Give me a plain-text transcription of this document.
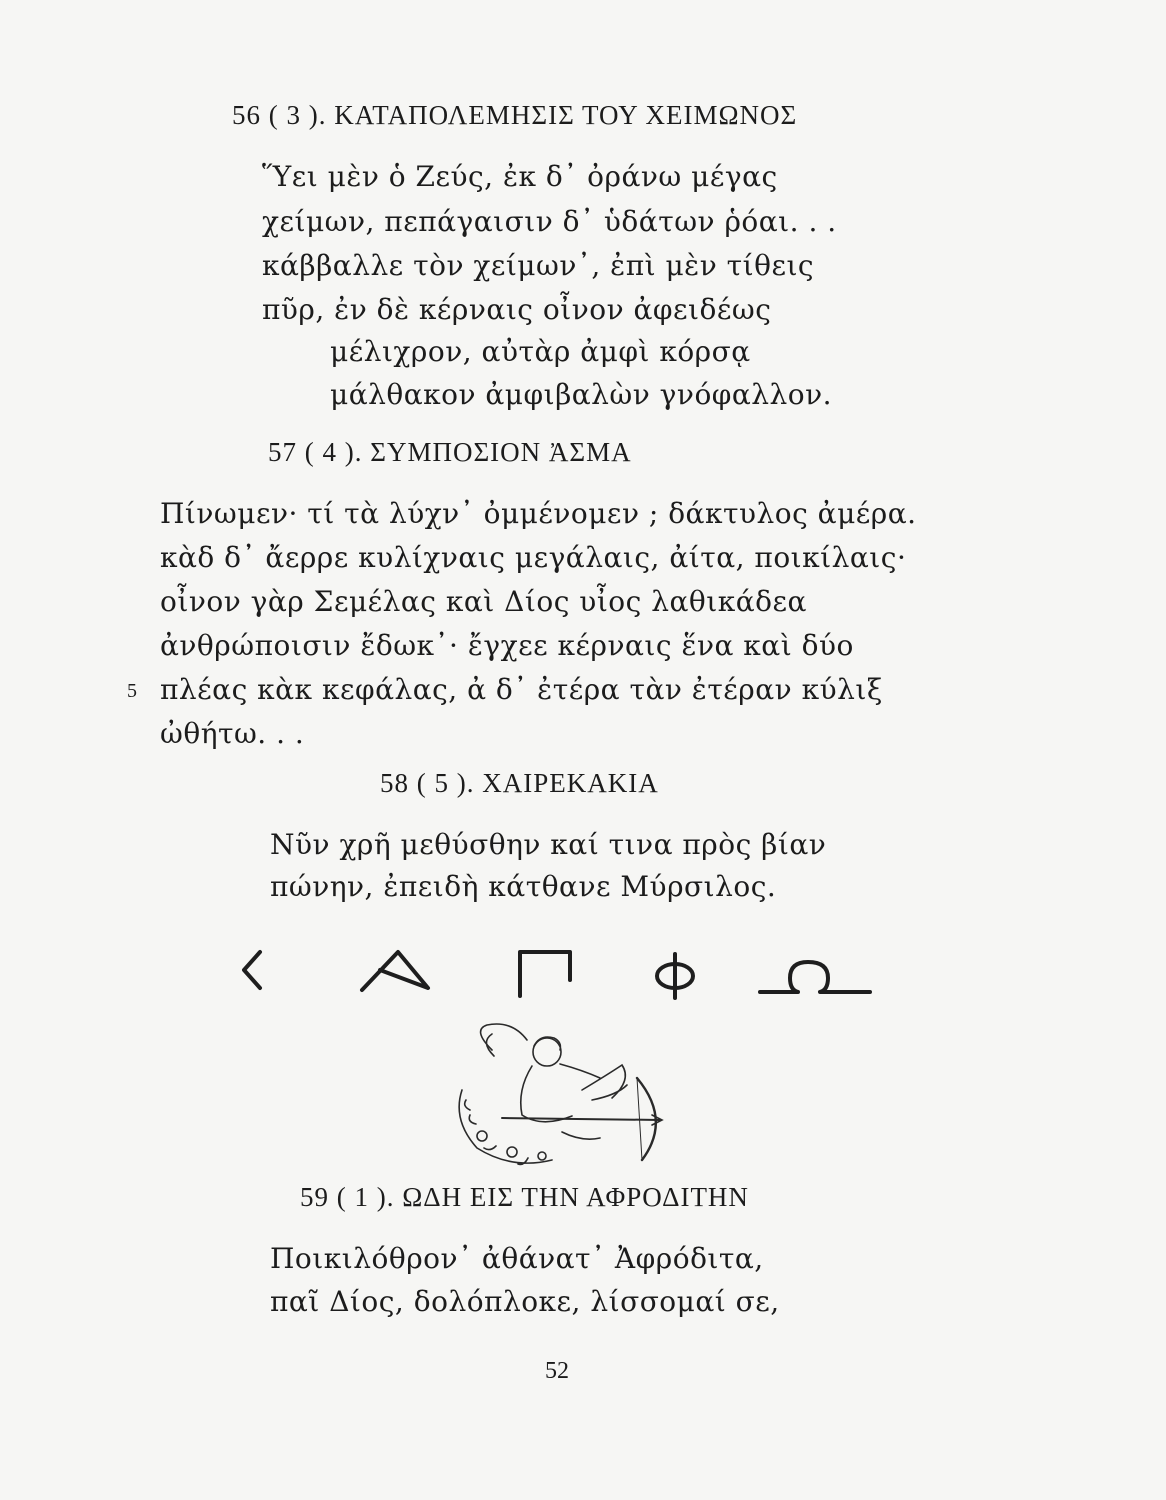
56 ( 3 ). ΚΑΤΑΠΟΛΕΜΗΣΙΣ ΤΟΥ ΧΕΙΜΩΝΟΣ
Ὕει μὲν ὁ Ζεύς, ἐκ δ᾽ ὀράνω μέγας
χείμων, πεπάγαισιν δ᾽ ὑδάτων ῥόαι. . .
κάββαλλε τὸν χείμων᾽, ἐπὶ μὲν τίθεις
πῦρ, ἐν δὲ κέρναις οἶνον ἀφειδέως
μέλιχρον, αὐτὰρ ἀμφὶ κόρσᾳ
μάλθακον ἀμφιβαλὼν γνόφαλλον.
57 ( 4 ). ΣΥΜΠΟΣΙΟΝ ἈΣΜΑ
Πίνωμεν· τί τὰ λύχν᾽ ὀμμένομεν ; δάκτυλος ἀμέρα.
κὰδ δ᾽ ἄερρε κυλίχναις μεγάλαις, ἀίτα, ποικίλαις·
οἶνον γὰρ Σεμέλας καὶ Δίος υἶος λαθικάδεα
ἀνθρώποισιν ἔδωκ᾽· ἔγχεε κέρναις ἕνα καὶ δύο
5 πλέας κὰκ κεφάλας, ἀ δ᾽ ἐτέρα τὰν ἐτέραν κύλιξ
ὠθήτω. . .
58 ( 5 ). ΧΑΙΡΕΚΑΚΙΑ
Νῦν χρῆ μεθύσθην καί τινα πρὸς βίαν
πώνην, ἐπειδὴ κάτθανε Μύρσιλος.
59 ( 1 ). ΩΔΗ ΕΙΣ ΤΗΝ ΑΦΡΟΔΙΤΗΝ
Ποικιλόθρον᾽ ἀθάνατ᾽ Ἀφρόδιτα,
παῖ Δίος, δολόπλοκε, λίσσομαί σε,
52
